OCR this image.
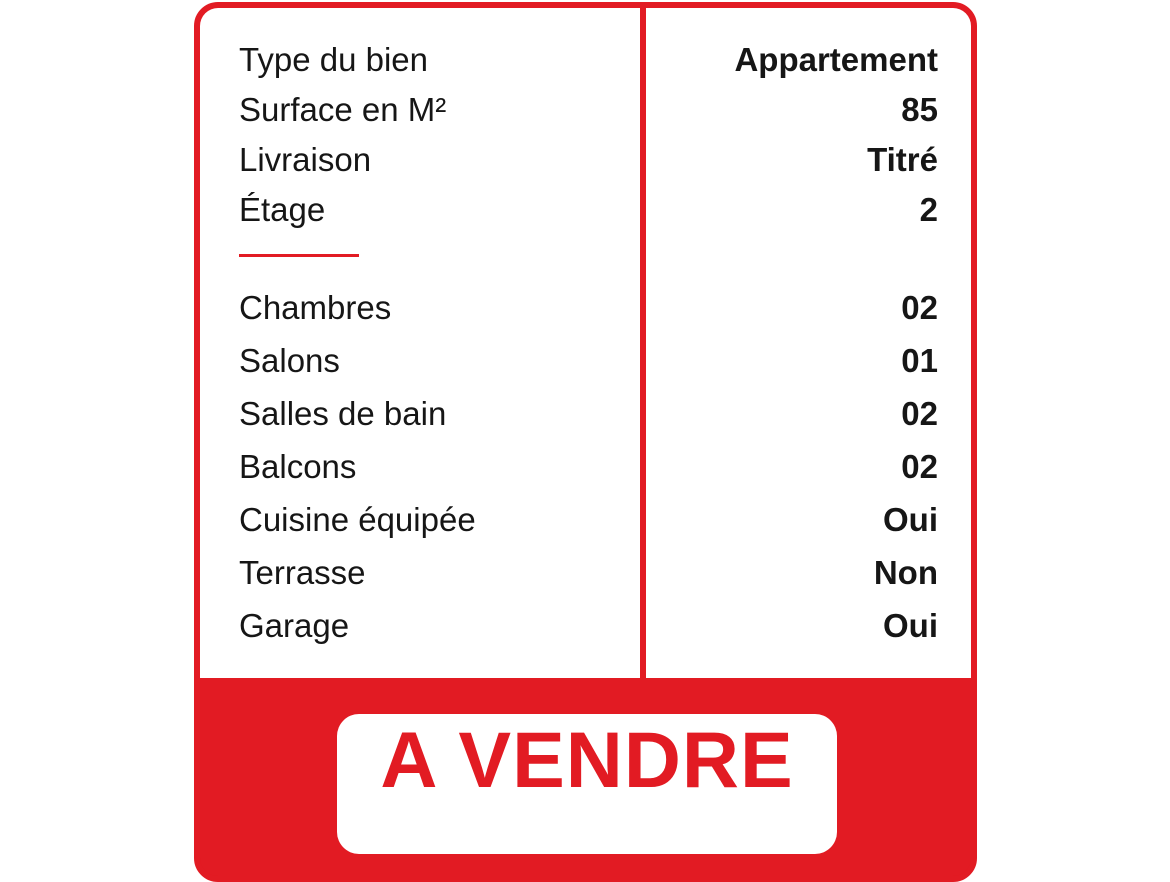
Type du bien
Surface en M²
Livraison
Étage
Chambres
Salons
Salles de bain
Balcons
Cuisine équipée
Terrasse
Garage
Appartement
85
Titré
2
02
01
02
02
Oui
Non
Oui
A VENDRE
